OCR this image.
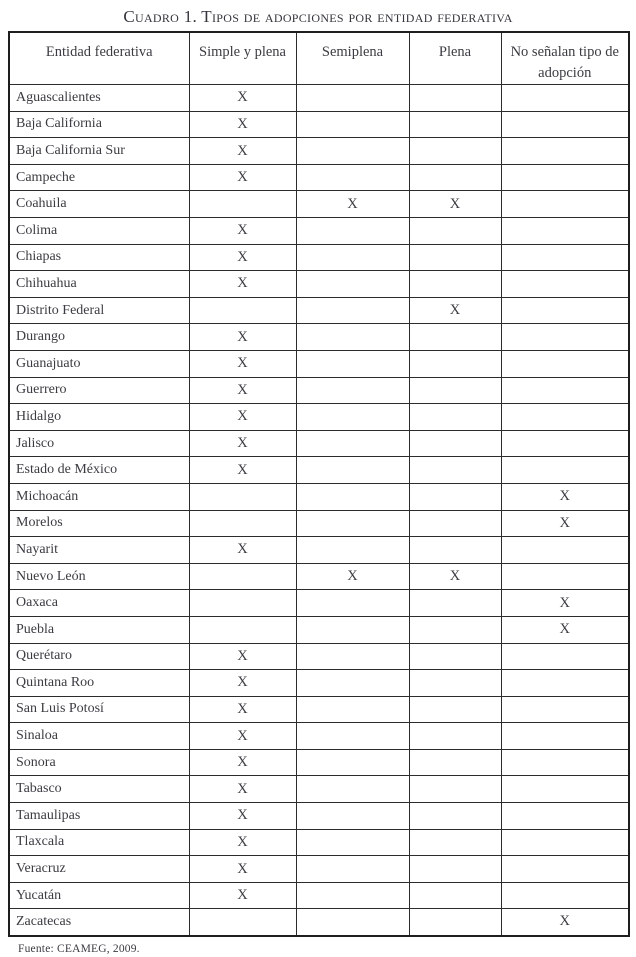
Cuadro 1. Tipos de adopciones por entidad federativa
Entidad federativa	Simple y plena	Semiplena	Plena	No señalan tipo de adopción
Aguascalientes	X			
Baja California	X			
Baja California Sur	X			
Campeche	X			
Coahuila		X	X	
Colima	X			
Chiapas	X			
Chihuahua	X			
Distrito Federal			X	
Durango	X			
Guanajuato	X			
Guerrero	X			
Hidalgo	X			
Jalisco	X			
Estado de México	X			
Michoacán				X
Morelos				X
Nayarit	X			
Nuevo León		X	X	
Oaxaca				X
Puebla				X
Querétaro	X			
Quintana Roo	X			
San Luis Potosí	X			
Sinaloa	X			
Sonora	X			
Tabasco	X			
Tamaulipas	X			
Tlaxcala	X			
Veracruz	X			
Yucatán	X			
Zacatecas				X

Fuente: CEAMEG, 2009.
